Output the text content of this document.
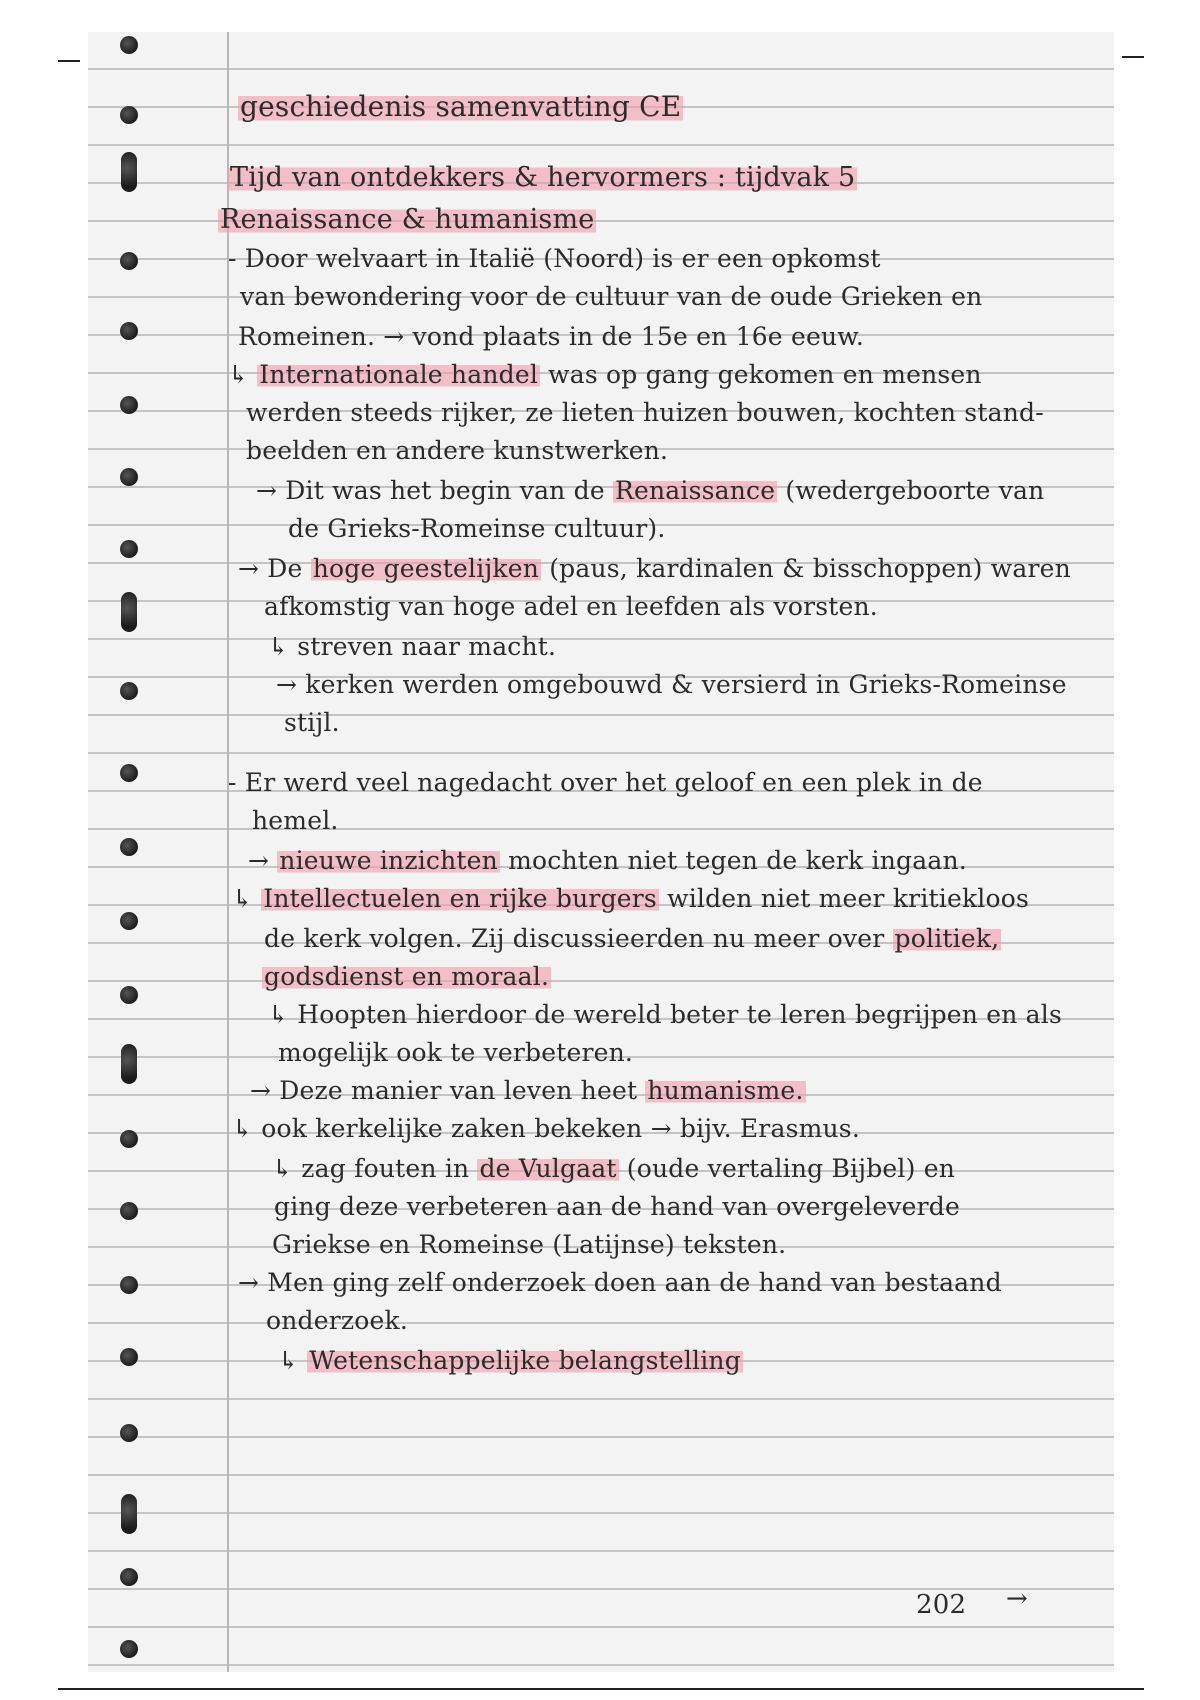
geschiedenis samenvatting CE
Tijd van ontdekkers & hervormers : tijdvak 5
Renaissance & humanisme
- Door welvaart in Italië (Noord) is er een opkomst
van bewondering voor de cultuur van de oude Grieken en
Romeinen. → vond plaats in de 15e en 16e eeuw.
↳ Internationale handel was op gang gekomen en mensen
werden steeds rijker, ze lieten huizen bouwen, kochten stand-
beelden en andere kunstwerken.
→ Dit was het begin van de Renaissance (wedergeboorte van
de Grieks-Romeinse cultuur).
→ De hoge geestelijken (paus, kardinalen & bisschoppen) waren
afkomstig van hoge adel en leefden als vorsten.
↳ streven naar macht.
→ kerken werden omgebouwd & versierd in Grieks-Romeinse
stijl.
- Er werd veel nagedacht over het geloof en een plek in de
hemel.
→ nieuwe inzichten mochten niet tegen de kerk ingaan.
↳ Intellectuelen en rijke burgers wilden niet meer kritiekloos
de kerk volgen. Zij discussieerden nu meer over politiek,
godsdienst en moraal.
↳ Hoopten hierdoor de wereld beter te leren begrijpen en als
mogelijk ook te verbeteren.
→ Deze manier van leven heet humanisme.
↳ ook kerkelijke zaken bekeken → bijv. Erasmus.
↳ zag fouten in de Vulgaat (oude vertaling Bijbel) en
ging deze verbeteren aan de hand van overgeleverde
Griekse en Romeinse (Latijnse) teksten.
→ Men ging zelf onderzoek doen aan de hand van bestaand
onderzoek.
↳ Wetenschappelijke belangstelling
202 →
